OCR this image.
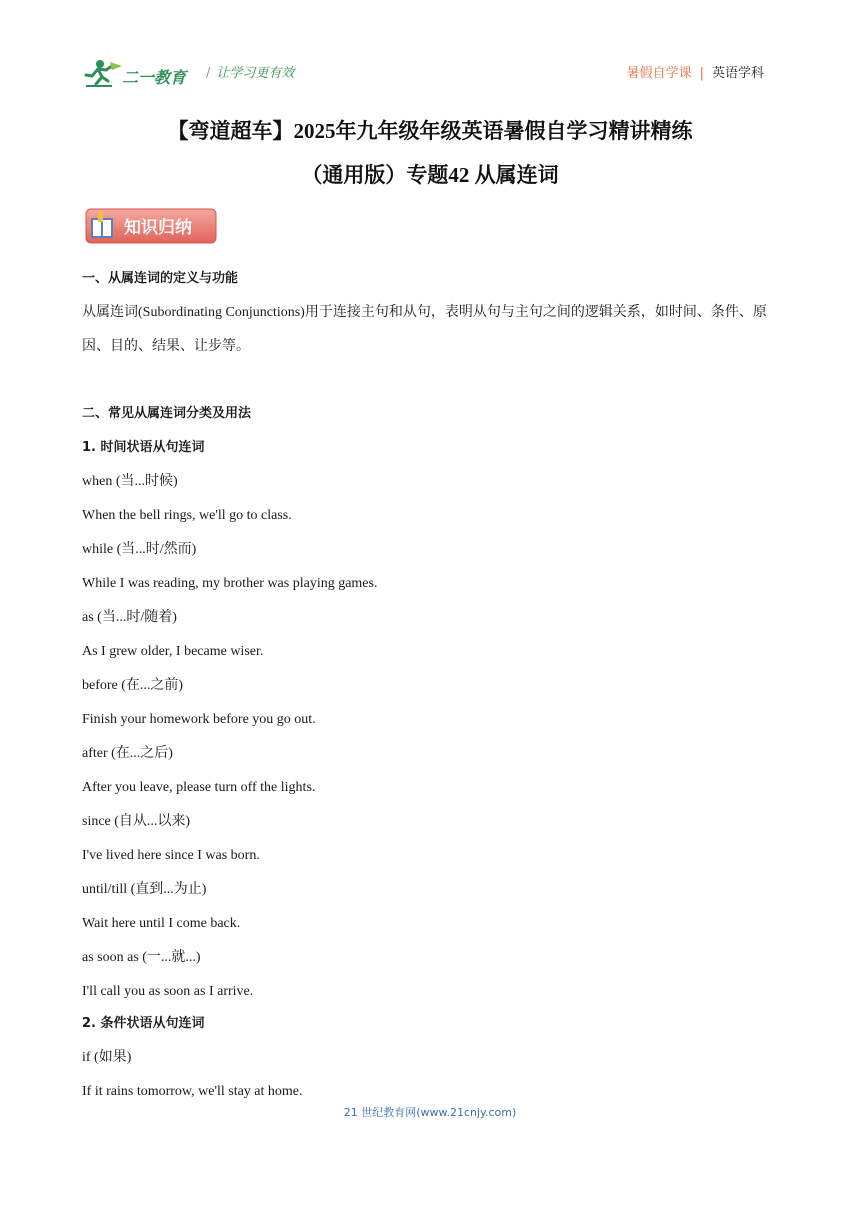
二一教育 / 让学习更有效	暑假自学课 | 英语学科
【弯道超车】2025年九年级年级英语暑假自学习精讲精练
（通用版）专题42 从属连词
知识归纳
一、从属连词的定义与功能
从属连词(Subordinating Conjunctions)用于连接主句和从句，表明从句与主句之间的逻辑关系，如时间、条件、原因、目的、结果、让步等。
二、常见从属连词分类及用法
1. 时间状语从句连词
when (当...时候)
When the bell rings, we'll go to class.
while (当...时/然而)
While I was reading, my brother was playing games.
as (当...时/随着)
As I grew older, I became wiser.
before (在...之前)
Finish your homework before you go out.
after (在...之后)
After you leave, please turn off the lights.
since (自从...以来)
I've lived here since I was born.
until/till (直到...为止)
Wait here until I come back.
as soon as (一...就...)
I'll call you as soon as I arrive.
2. 条件状语从句连词
if (如果)
If it rains tomorrow, we'll stay at home.
21 世纪教育网(www.21cnjy.com)
